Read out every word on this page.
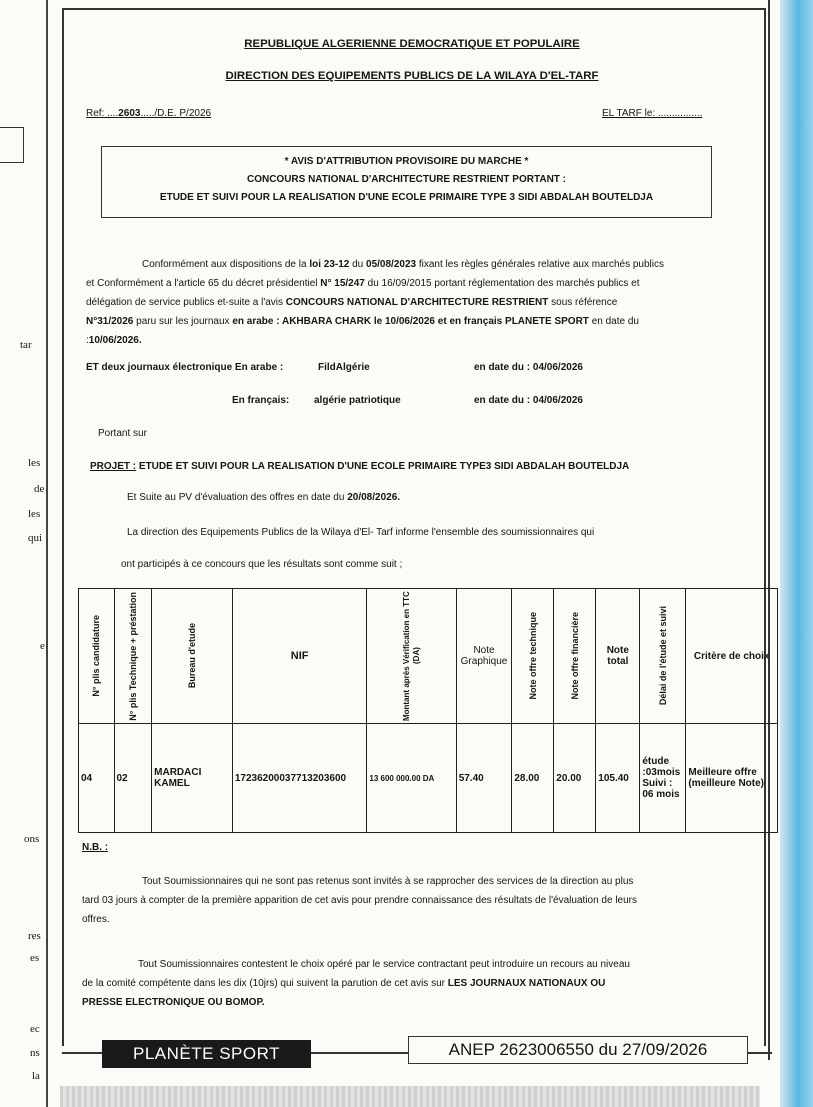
tar
les
de
les
qui
e
ons
res
es
ec
ns
la
REPUBLIQUE ALGERIENNE DEMOCRATIQUE ET POPULAIRE
DIRECTION DES EQUIPEMENTS PUBLICS DE LA WILAYA D'EL-TARF
Ref: ....2603...../D.E. P/2026	EL TARF le: ................
* AVIS D'ATTRIBUTION PROVISOIRE DU MARCHE *
CONCOURS NATIONAL D'ARCHITECTURE RESTRIENT PORTANT :
ETUDE ET SUIVI POUR LA REALISATION D'UNE ECOLE PRIMAIRE TYPE 3 SIDI ABDALAH BOUTELDJA
Conformément aux dispositions de la loi 23-12 du 05/08/2023 fixant les règles générales relative aux marchés publics et Conformément a l'article 65 du décret présidentiel N° 15/247 du 16/09/2015 portant réglementation des marchés publics et délégation de service publics et-suite a l'avis CONCOURS NATIONAL D'ARCHITECTURE RESTRIENT sous référence N°31/2026 paru sur les journaux en arabe : AKHBARA CHARK le 10/06/2026 et en français PLANETE SPORT en date du :10/06/2026.
ET deux journaux électronique En arabe :	FildAlgérie	en date du : 04/06/2026
En français: algérie patriotique	en date du : 04/06/2026
Portant sur
PROJET : ETUDE ET SUIVI POUR LA REALISATION D'UNE ECOLE PRIMAIRE TYPE3 SIDI ABDALAH BOUTELDJA
Et Suite au PV d'évaluation des offres en date du 20/08/2026.
La direction des Equipements Publics de la Wilaya d'El- Tarf informe l'ensemble des soumissionnaires qui
ont participés à ce concours que les résultats sont comme suit ;
N° plis candidature	N° plis Technique + préstation	Bureau d'etude	NIF	Montant après Vérification en TTC (DA)	Note Graphique	Note offre technique	Note offre financière	Note total	Délai de l'étude et suivi	Critère de choix
04	02	MARDACI KAMEL	17236200037713203600	13 600 000.00 DA	57.40	28.00	20.00	105.40	étude :03mois Suivi : 06 mois	Meilleure offre (meilleure Note)
N.B. :
Tout Soumissionnaires qui ne sont pas retenus sont invités à se rapprocher des services de la direction au plus tard 03 jours à compter de la première apparition de cet avis pour prendre connaissance des résultats de l'évaluation de leurs offres.
Tout Soumissionnaires contestent le choix opéré par le service contractant peut introduire un recours au niveau de la comité compétente dans les dix (10jrs) qui suivent la parution de cet avis sur LES JOURNAUX NATIONAUX OU PRESSE ELECTRONIQUE OU BOMOP.
PLANÈTE SPORT	ANEP 2623006550 du 27/09/2026
